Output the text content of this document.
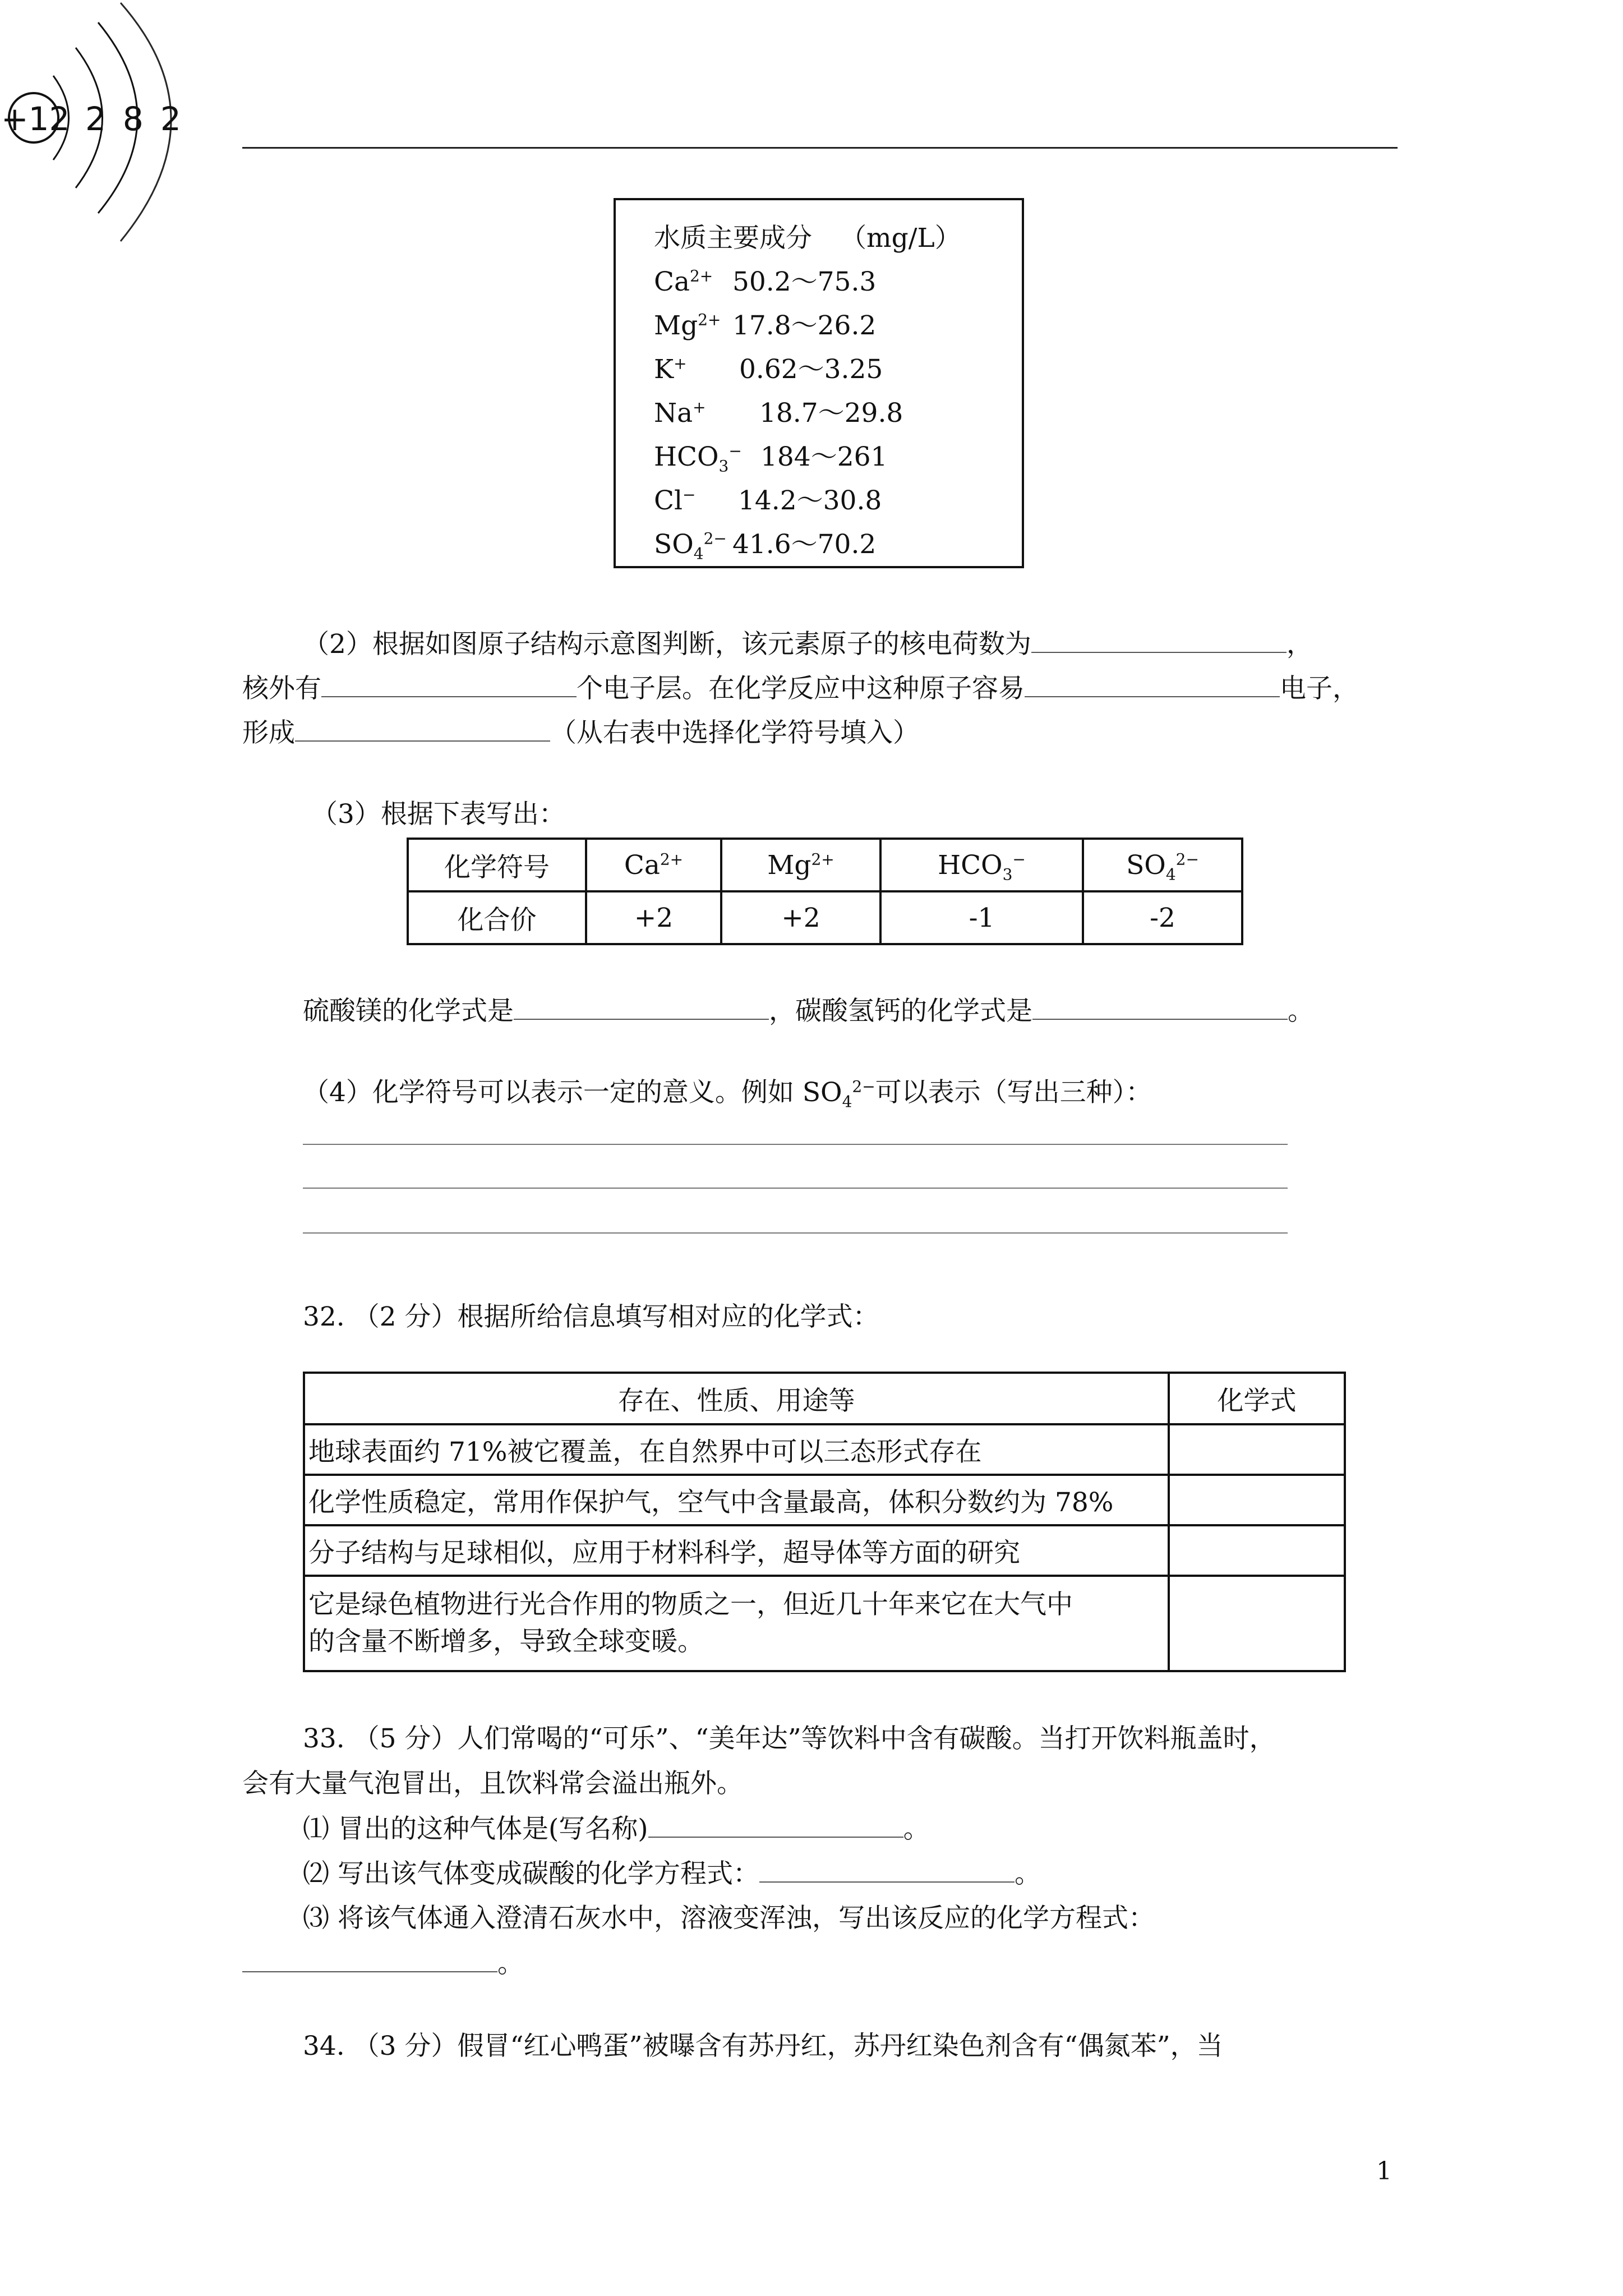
+12 282
水质主要成分 （mg/L）
$Ca^{2+}$ 50.2～75.3
$Mg^{2+}$ 17.8～26.2
K+ 0.62～3.25
Na+ 18.7～29.8
$HCO_3^-$ 184～261
Cl− 14.2～30.8
$SO_4^{2-}$ 41.6～70.2
（2）根据如图原子结构示意图判断，该元素原子的核电荷数为	，
核外有	个电子层。在化学反应中这种原子容易	电子，
形成	（从右表中选择化学符号填入）
（3）根据下表写出：
化学符号	$Ca^{2+}$	$Mg^{2+}$	$HCO_3^-$	$SO_4^{2-}$
化合价	+2	+2	-1	-2
硫酸镁的化学式是	，碳酸氢钙的化学式是	。
（4）化学符号可以表示一定的意义。例如 $SO_4^{2-}$可以表示（写出三种）：
32. （2 分）根据所给信息填写相对应的化学式：
存在、性质、用途等	化学式
地球表面约 71%被它覆盖，在自然界中可以三态形式存在	
化学性质稳定，常用作保护气，空气中含量最高，体积分数约为 78%	
分子结构与足球相似，应用于材料科学，超导体等方面的研究	

它是绿色植物进行光合作用的物质之一，但近几十年来它在大气中
的含量不断增多，导致全球变暖。	

33. （5 分）人们常喝的“可乐”、“美年达”等饮料中含有碳酸。当打开饮料瓶盖时，
会有大量气泡冒出，且饮料常会溢出瓶外。
⑴ 冒出的这种气体是(写名称)	。
⑵ 写出该气体变成碳酸的化学方程式：	。
⑶ 将该气体通入澄清石灰水中，溶液变浑浊，写出该反应的化学方程式：
。
34. （3 分）假冒“红心鸭蛋”被曝含有苏丹红，苏丹红染色剂含有“偶氮苯”，当
1
